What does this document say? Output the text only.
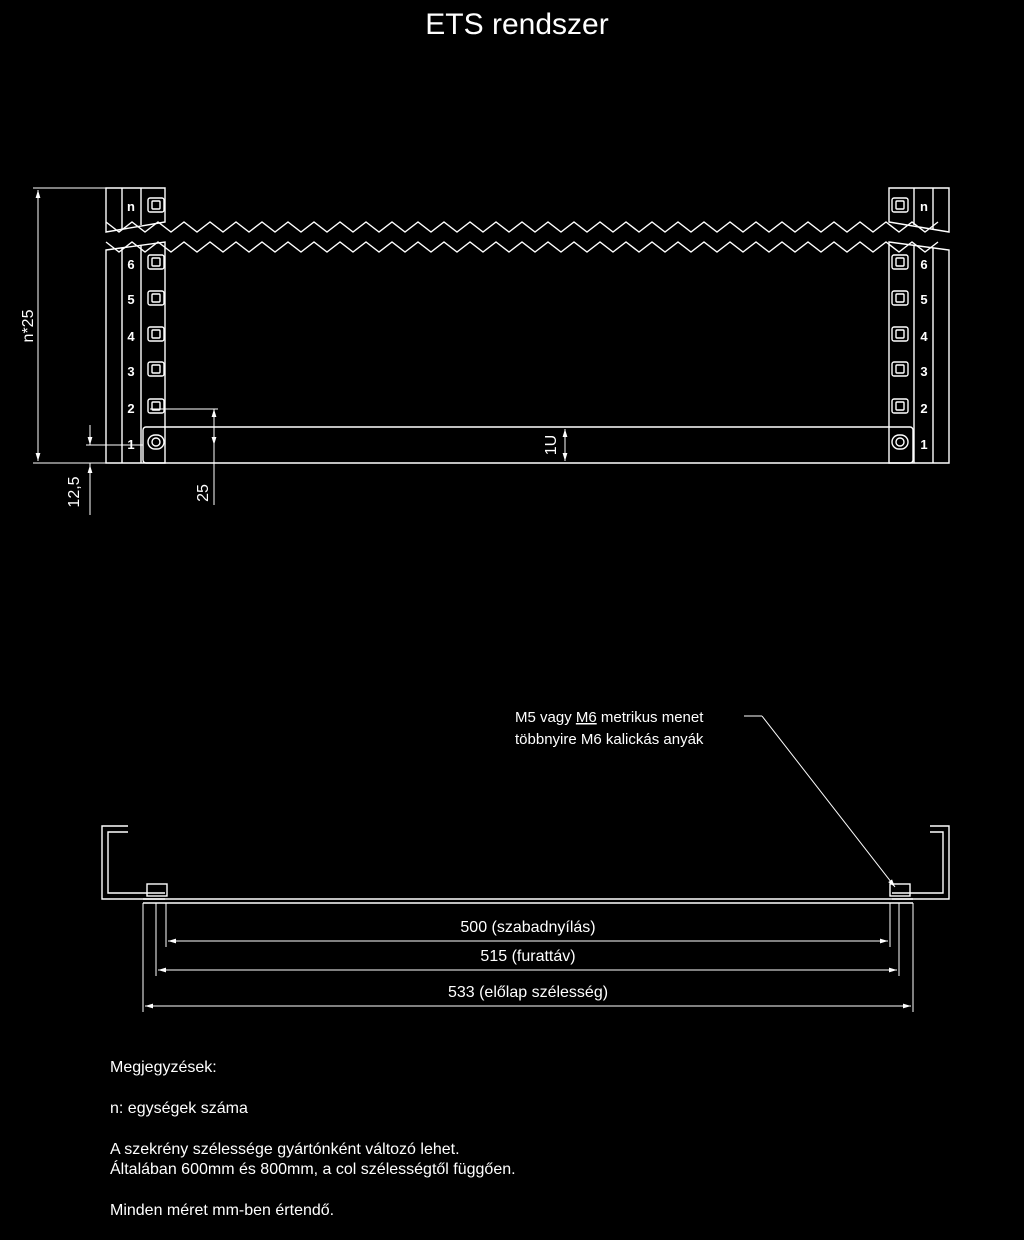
ETS rendszer
1
2
3
4
5
6
n
1
2
3
4
5
6
n
n*25
12,5	25
1U
M5 vagy M6 metrikus menet
többnyire M6 kalickás anyák
500 (szabadnyílás)
515 (furattáv)
533 (előlap szélesség)

Megjegyzések:

n: egységek száma

A szekrény szélessége gyártónként változó lehet.

Általában 600mm és 800mm, a col szélességtől függően.

Minden méret mm-ben értendő.
